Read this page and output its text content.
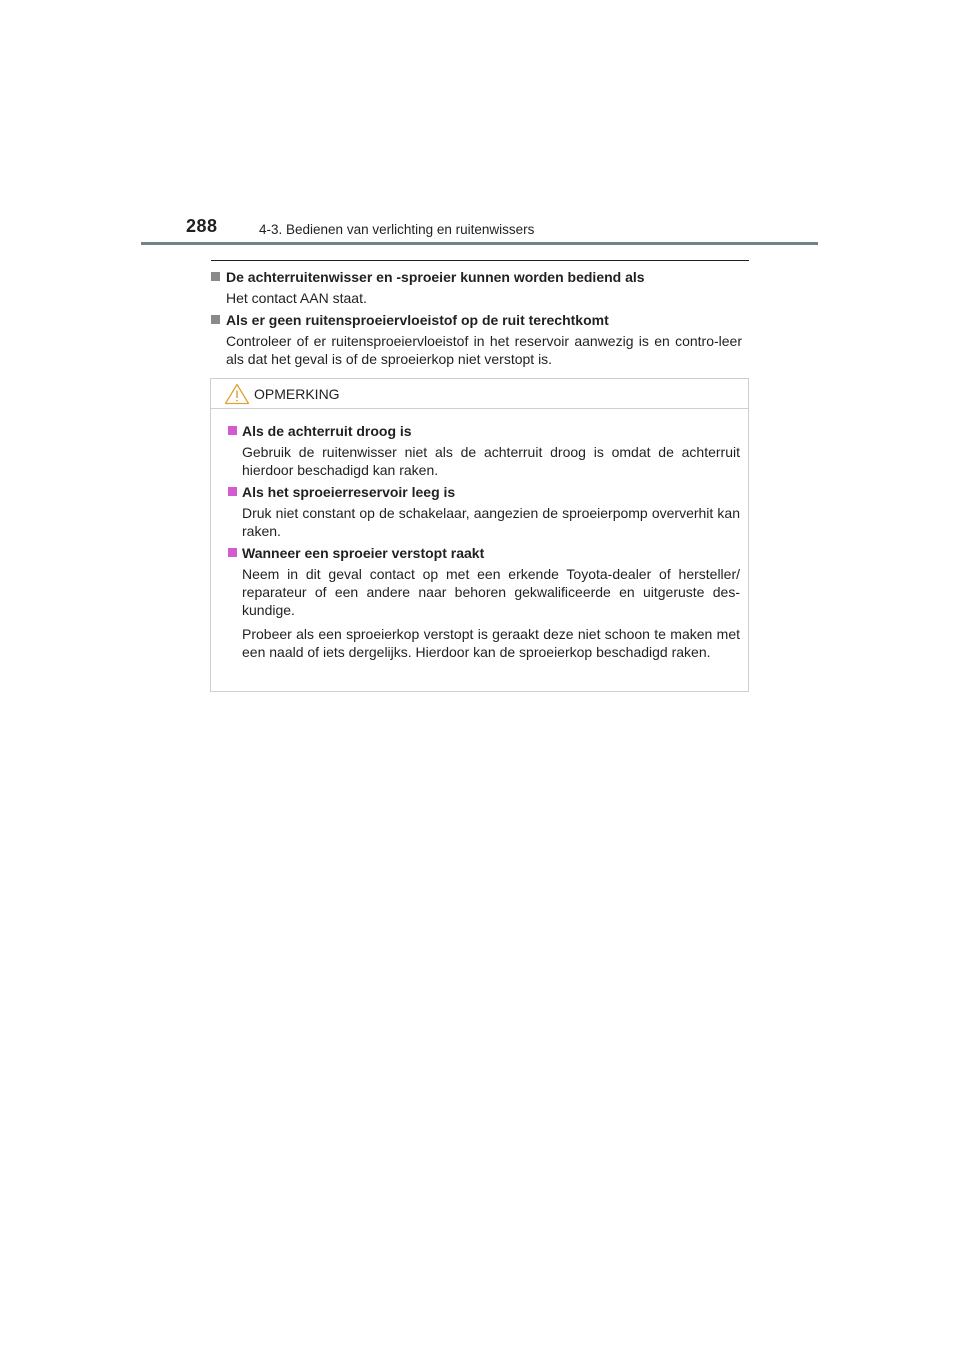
288	4-3. Bedienen van verlichting en ruitenwissers
De achterruitenwisser en -sproeier kunnen worden bediend als
Het contact AAN staat.
Als er geen ruitensproeiervloeistof op de ruit terechtkomt
Controleer of er ruitensproeiervloeistof in het reservoir aanwezig is en contro-leer als dat het geval is of de sproeierkop niet verstopt is.
OPMERKING
Als de achterruit droog is
Gebruik de ruitenwisser niet als de achterruit droog is omdat de achterruit hierdoor beschadigd kan raken.
Als het sproeierreservoir leeg is
Druk niet constant op de schakelaar, aangezien de sproeierpomp oververhit kan raken.
Wanneer een sproeier verstopt raakt
Neem in dit geval contact op met een erkende Toyota-dealer of hersteller/ reparateur of een andere naar behoren gekwalificeerde en uitgeruste des-kundige.
Probeer als een sproeierkop verstopt is geraakt deze niet schoon te maken met een naald of iets dergelijks. Hierdoor kan de sproeierkop beschadigd raken.
